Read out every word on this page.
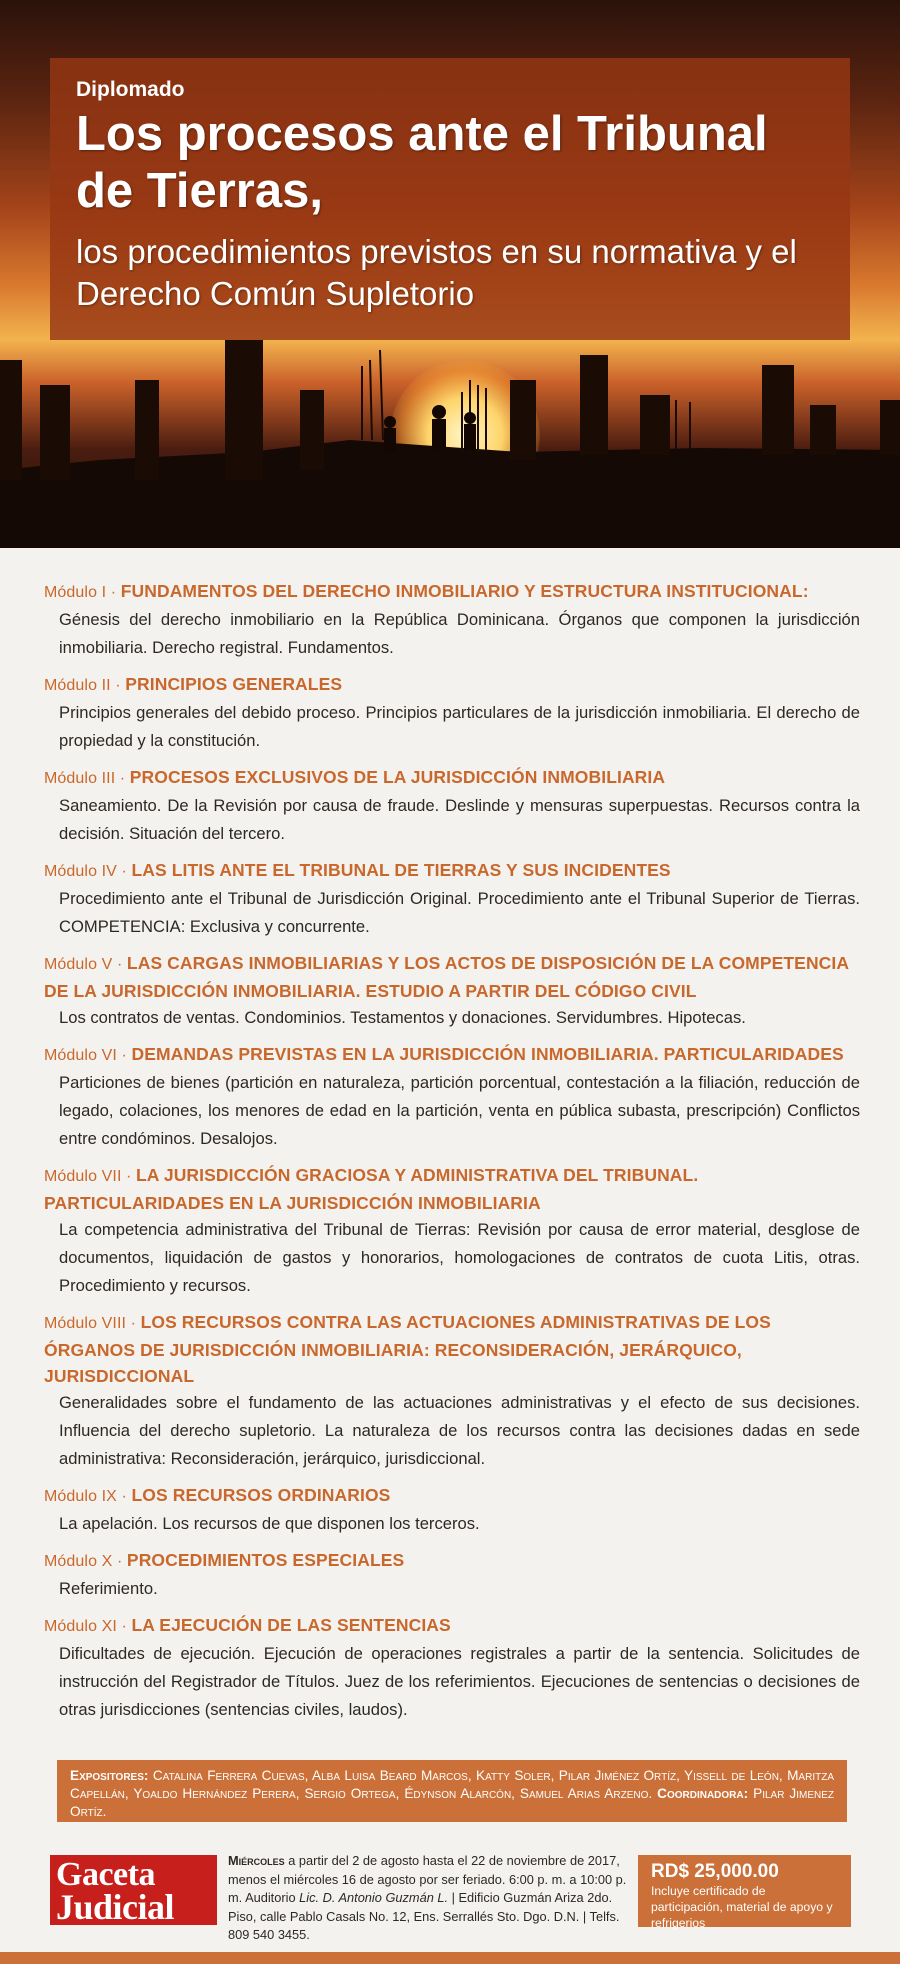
Diplomado
Los procesos ante el Tribunal de Tierras,
los procedimientos previstos en su normativa y el Derecho Común Supletorio
Módulo I · FUNDAMENTOS DEL DERECHO INMOBILIARIO Y ESTRUCTURA INSTITUCIONAL:
Génesis del derecho inmobiliario en la República Dominicana. Órganos que componen la jurisdicción inmobiliaria. Derecho registral. Fundamentos.
Módulo II · PRINCIPIOS GENERALES
Principios generales del debido proceso. Principios particulares de la jurisdicción inmobiliaria. El derecho de propiedad y la constitución.
Módulo III · PROCESOS EXCLUSIVOS DE LA JURISDICCIÓN INMOBILIARIA
Saneamiento. De la Revisión por causa de fraude. Deslinde y mensuras superpuestas. Recursos contra la decisión. Situación del tercero.
Módulo IV · LAS LITIS ANTE EL TRIBUNAL DE TIERRAS Y SUS INCIDENTES
Procedimiento ante el Tribunal de Jurisdicción Original. Procedimiento ante el Tribunal Superior de Tierras. COMPETENCIA: Exclusiva y concurrente.
Módulo V · LAS CARGAS INMOBILIARIAS Y LOS ACTOS DE DISPOSICIÓN DE LA COMPETENCIA DE LA JURISDICCIÓN INMOBILIARIA. ESTUDIO A PARTIR DEL CÓDIGO CIVIL
Los contratos de ventas. Condominios. Testamentos y donaciones. Servidumbres. Hipotecas.
Módulo VI · DEMANDAS PREVISTAS EN LA JURISDICCIÓN INMOBILIARIA. PARTICULARIDADES
Particiones de bienes (partición en naturaleza, partición porcentual, contestación a la filiación, reducción de legado, colaciones, los menores de edad en la partición, venta en pública subasta, prescripción) Conflictos entre condóminos. Desalojos.
Módulo VII · LA JURISDICCIÓN GRACIOSA Y ADMINISTRATIVA DEL TRIBUNAL. PARTICULARIDADES EN LA JURISDICCIÓN INMOBILIARIA
La competencia administrativa del Tribunal de Tierras: Revisión por causa de error material, desglose de documentos, liquidación de gastos y honorarios, homologaciones de contratos de cuota Litis, otras. Procedimiento y recursos.
Módulo VIII · LOS RECURSOS CONTRA LAS ACTUACIONES ADMINISTRATIVAS DE LOS ÓRGANOS DE JURISDICCIÓN INMOBILIARIA: RECONSIDERACIÓN, JERÁRQUICO, JURISDICCIONAL
Generalidades sobre el fundamento de las actuaciones administrativas y el efecto de sus decisiones. Influencia del derecho supletorio. La naturaleza de los recursos contra las decisiones dadas en sede administrativa: Reconsideración, jerárquico, jurisdiccional.
Módulo IX · LOS RECURSOS ORDINARIOS
La apelación. Los recursos de que disponen los terceros.
Módulo X · PROCEDIMIENTOS ESPECIALES
Referimiento.
Módulo XI · LA EJECUCIÓN DE LAS SENTENCIAS
Dificultades de ejecución. Ejecución de operaciones registrales a partir de la sentencia. Solicitudes de instrucción del Registrador de Títulos. Juez de los referimientos. Ejecuciones de sentencias o decisiones de otras jurisdicciones (sentencias civiles, laudos).
Expositores: Catalina Ferrera Cuevas, Alba Luisa Beard Marcos, Katty Soler, Pilar Jiménez Ortíz, Yissell de León, Maritza Capellán, Yoaldo Hernández Perera, Sergio Ortega, Édynson Alarcón, Samuel Arias Arzeno. Coordinadora: Pilar Jimenez Ortíz.
Gaceta
Judicial
Miércoles a partir del 2 de agosto hasta el 22 de noviembre de 2017, menos el miércoles 16 de agosto por ser feriado. 6:00 p. m. a 10:00 p. m. Auditorio Lic. D. Antonio Guzmán L. | Edificio Guzmán Ariza 2do. Piso, calle Pablo Casals No. 12, Ens. Serrallés Sto. Dgo. D.N. | Telfs. 809 540 3455.
RD$ 25,000.00
Incluye certificado de participación, material de apoyo y refrigerios
